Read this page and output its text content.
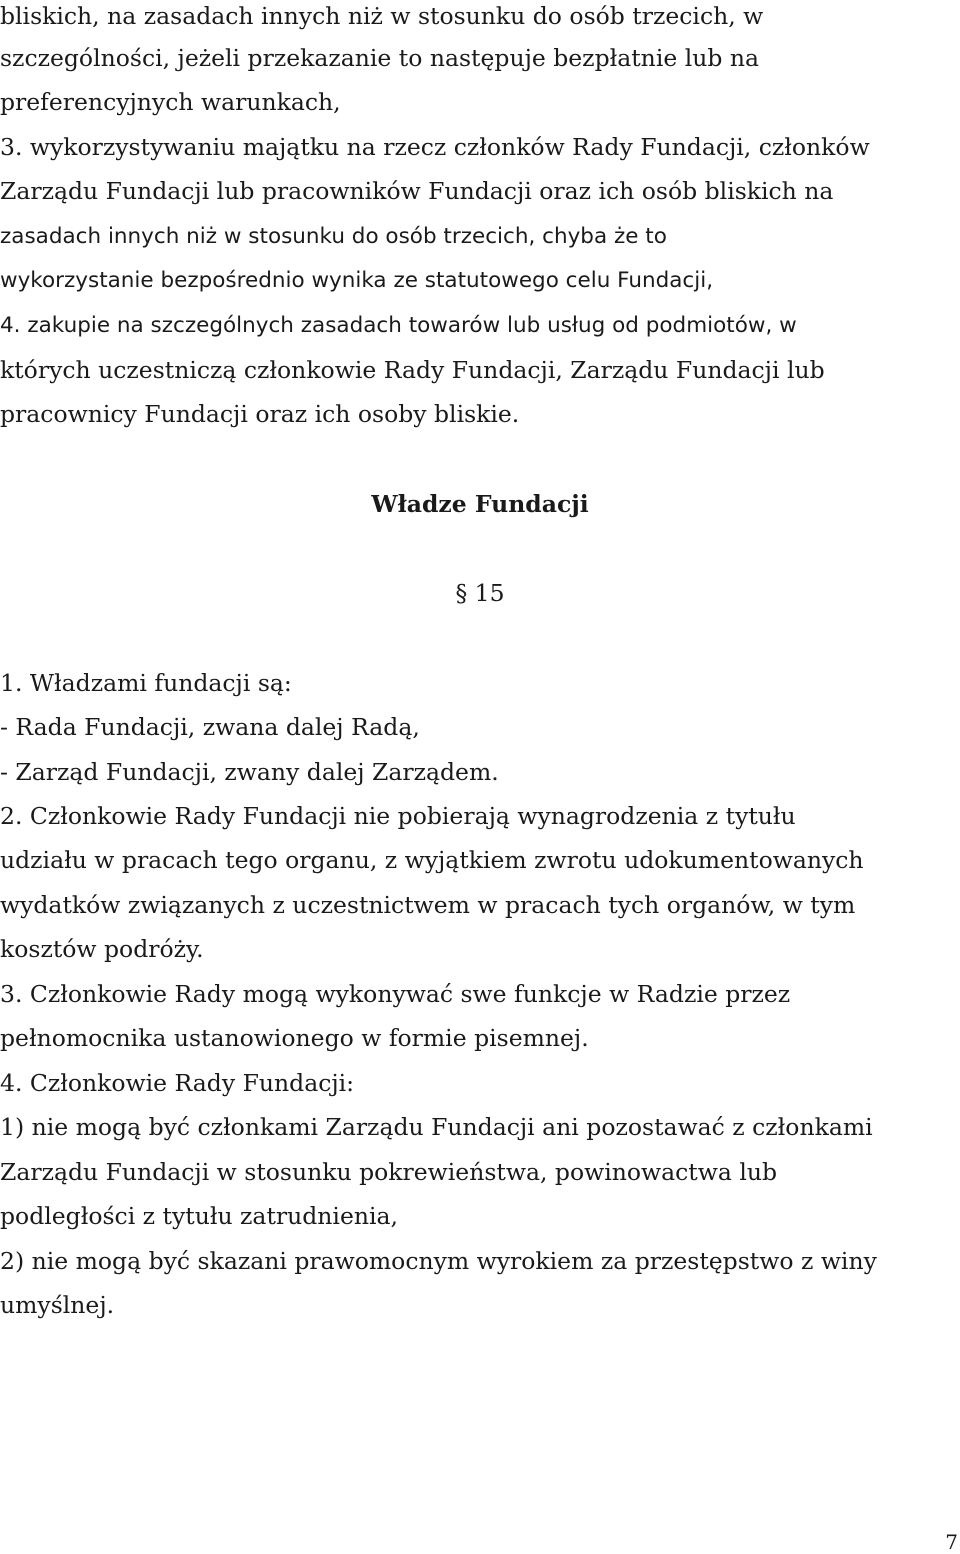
bliskich, na zasadach innych niż w stosunku do osób trzecich, w
szczególności, jeżeli przekazanie to następuje bezpłatnie lub na
preferencyjnych warunkach,
3. wykorzystywaniu majątku na rzecz członków Rady Fundacji, członków
Zarządu Fundacji lub pracowników Fundacji oraz ich osób bliskich na
zasadach innych niż w stosunku do osób trzecich, chyba że to
wykorzystanie bezpośrednio wynika ze statutowego celu Fundacji,
4. zakupie na szczególnych zasadach towarów lub usług od podmiotów, w
których uczestniczą członkowie Rady Fundacji, Zarządu Fundacji lub
pracownicy Fundacji oraz ich osoby bliskie.
Władze Fundacji
§ 15
1. Władzami fundacji są:
- Rada Fundacji, zwana dalej Radą,
- Zarząd Fundacji, zwany dalej Zarządem.
2. Członkowie Rady Fundacji nie pobierają wynagrodzenia z tytułu
udziału w pracach tego organu, z wyjątkiem zwrotu udokumentowanych
wydatków związanych z uczestnictwem w pracach tych organów, w tym
kosztów podróży.
3. Członkowie Rady mogą wykonywać swe funkcje w Radzie przez
pełnomocnika ustanowionego w formie pisemnej.
4. Członkowie Rady Fundacji:
1) nie mogą być członkami Zarządu Fundacji ani pozostawać z członkami
Zarządu Fundacji w stosunku pokrewieństwa, powinowactwa lub
podległości z tytułu zatrudnienia,
2) nie mogą być skazani prawomocnym wyrokiem za przestępstwo z winy
umyślnej.
7
